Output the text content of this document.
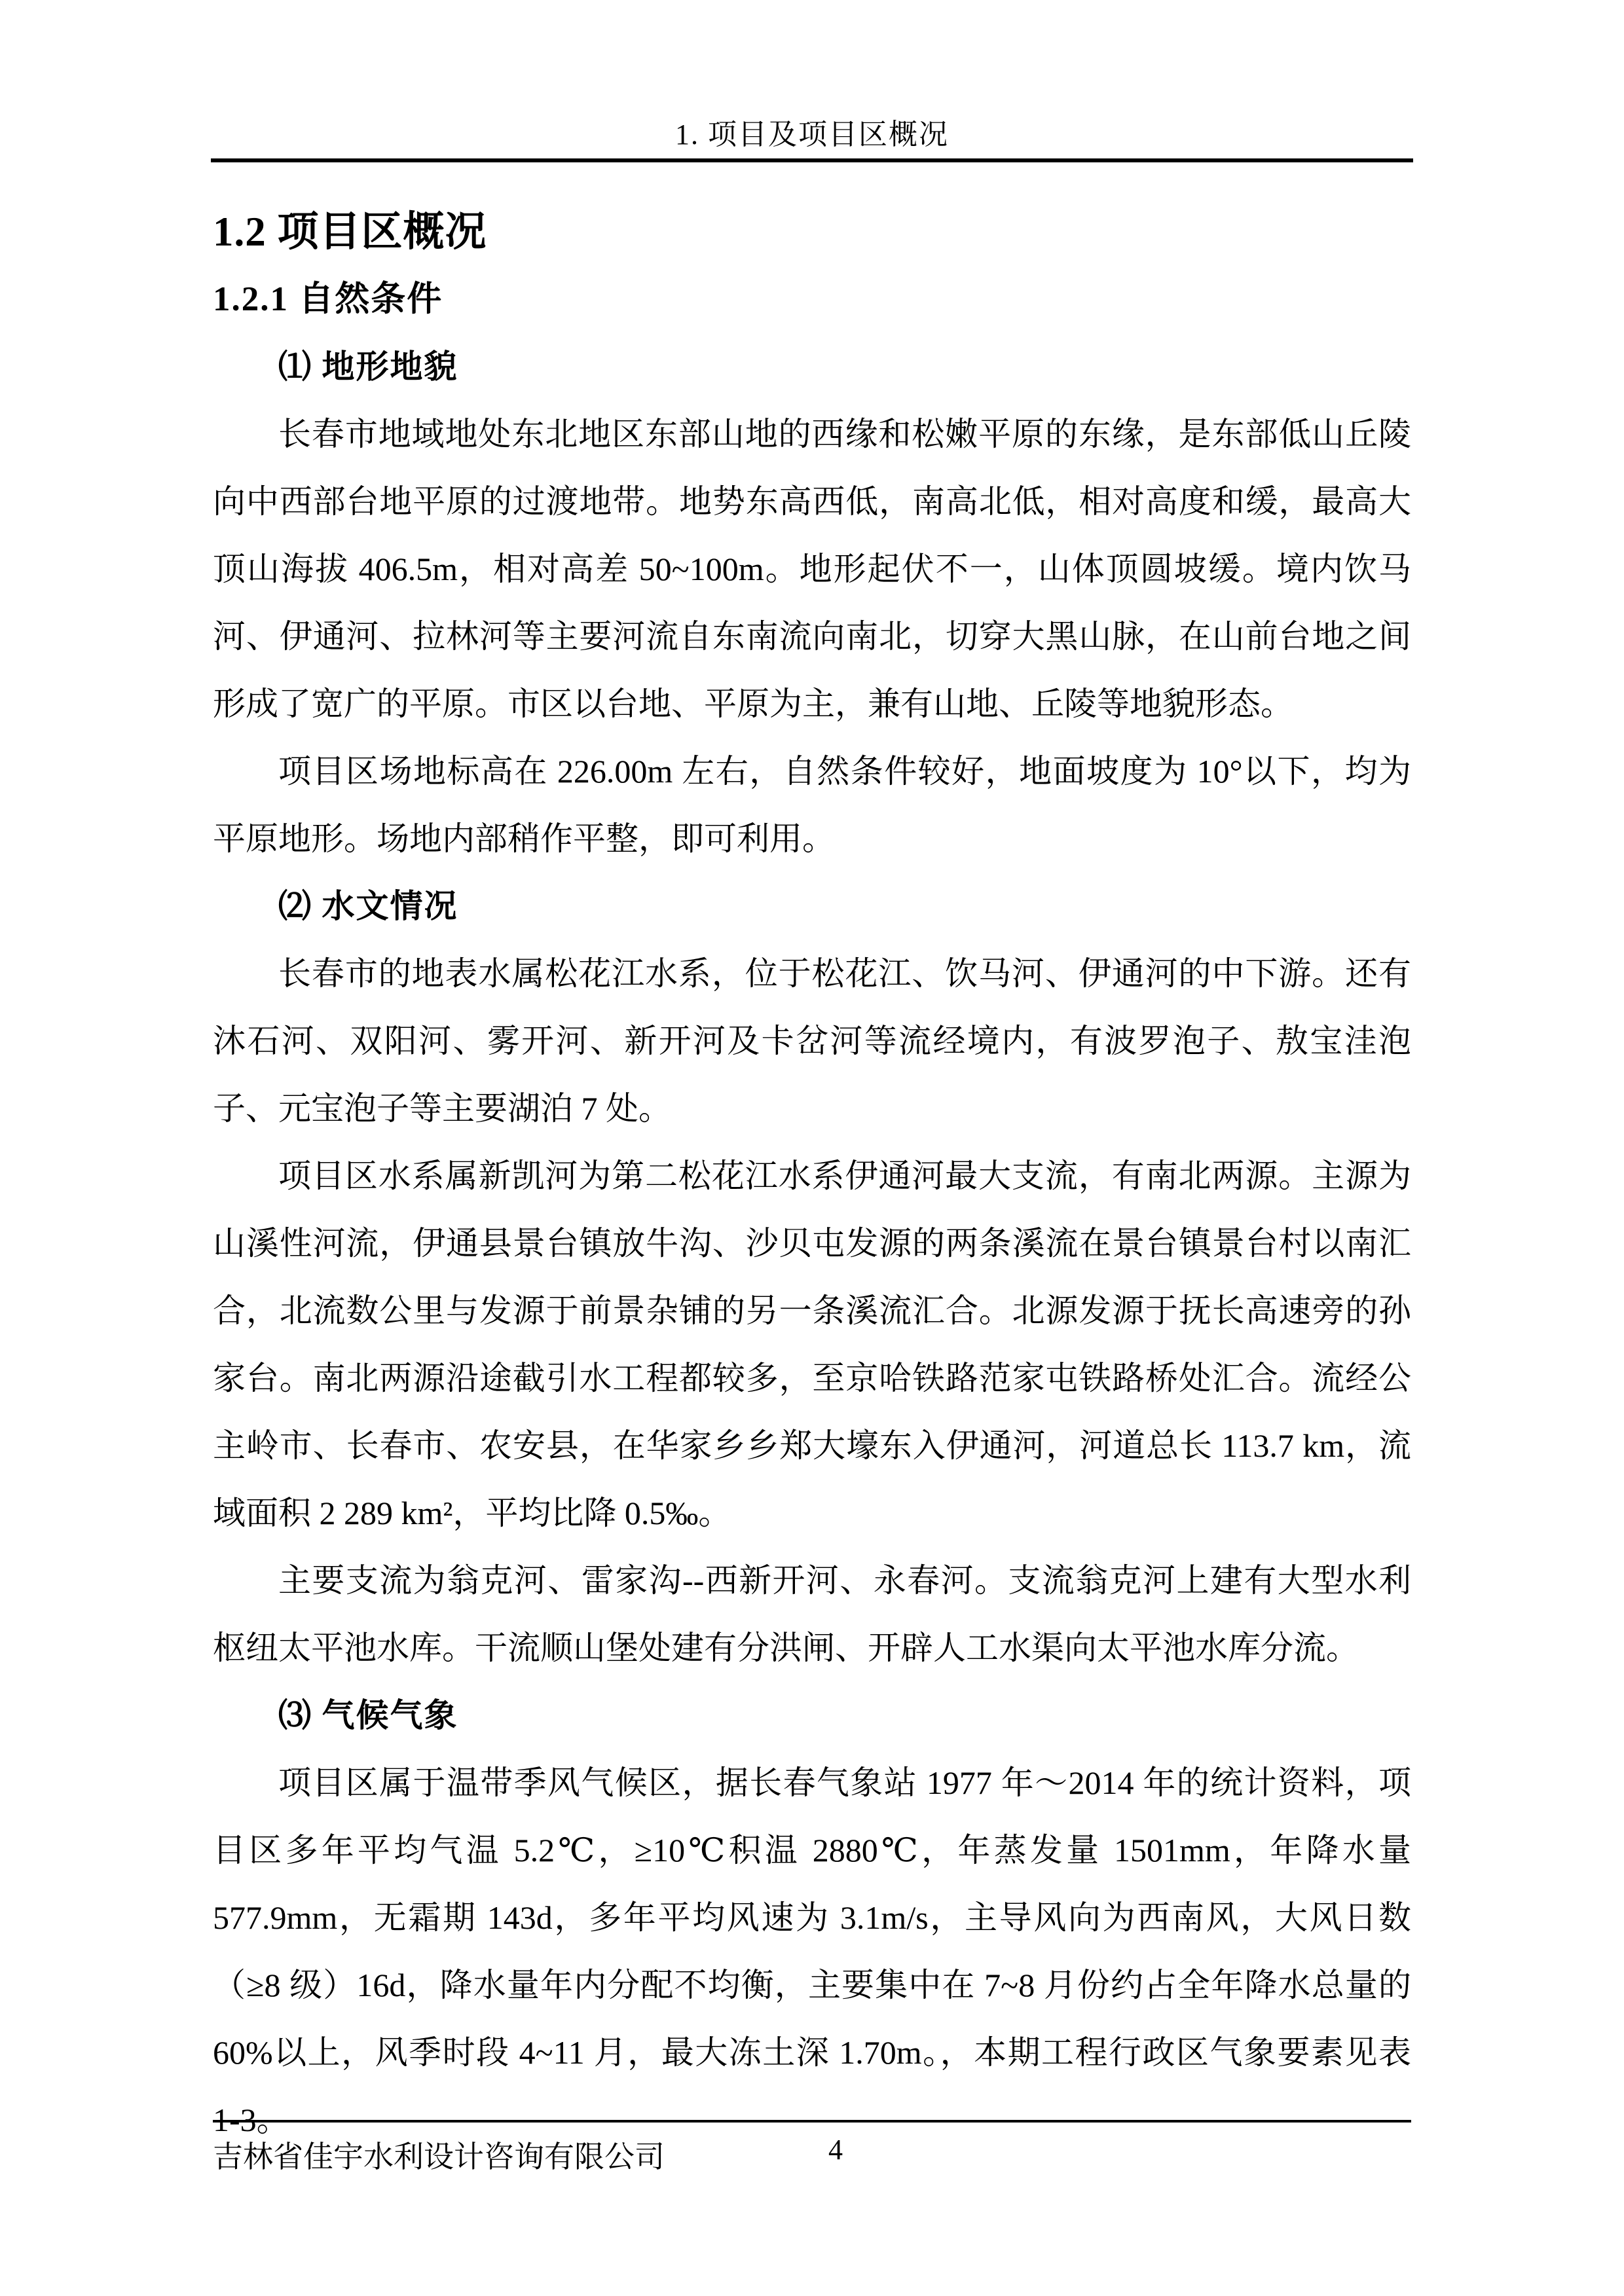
1. 项目及项目区概况
1.2 项目区概况
1.2.1 自然条件
⑴ 地形地貌

长春市地域地处东北地区东部山地的西缘和松嫩平原的东缘，是东部低山丘陵向中西部台地平原的过渡地带。地势东高西低，南高北低，相对高度和缓，最高大顶山海拔 406.5m，相对高差 50~100m。地形起伏不一，山体顶圆坡缓。境内饮马河、伊通河、拉林河等主要河流自东南流向南北，切穿大黑山脉，在山前台地之间形成了宽广的平原。市区以台地、平原为主，兼有山地、丘陵等地貌形态。

项目区场地标高在 226.00m 左右，自然条件较好，地面坡度为 10°以下，均为平原地形。场地内部稍作平整，即可利用。

⑵ 水文情况

长春市的地表水属松花江水系，位于松花江、饮马河、伊通河的中下游。还有沐石河、双阳河、雾开河、新开河及卡岔河等流经境内，有波罗泡子、敖宝洼泡子、元宝泡子等主要湖泊 7 处。

项目区水系属新凯河为第二松花江水系伊通河最大支流，有南北两源。主源为山溪性河流，伊通县景台镇放牛沟、沙贝屯发源的两条溪流在景台镇景台村以南汇合，北流数公里与发源于前景杂铺的另一条溪流汇合。北源发源于抚长高速旁的孙家台。南北两源沿途截引水工程都较多，至京哈铁路范家屯铁路桥处汇合。流经公主岭市、长春市、农安县，在华家乡乡郑大壕东入伊通河，河道总长 113.7 km，流域面积 2 289 km²，平均比降 0.5‰。

主要支流为翁克河、雷家沟--西新开河、永春河。支流翁克河上建有大型水利枢纽太平池水库。干流顺山堡处建有分洪闸、开辟人工水渠向太平池水库分流。

⑶ 气候气象

项目区属于温带季风气候区，据长春气象站 1977 年～2014 年的统计资料，项目区多年平均气温 5.2℃，≥10℃积温 2880℃，年蒸发量 1501mm，年降水量 577.9mm，无霜期 143d，多年平均风速为 3.1m/s，主导风向为西南风，大风日数（≥8 级）16d，降水量年内分配不均衡，主要集中在 7~8 月份约占全年降水总量的 60%以上，风季时段 4~11 月，最大冻土深 1.70m。，本期工程行政区气象要素见表 1-3。

吉林省佳宇水利设计咨询有限公司	4
